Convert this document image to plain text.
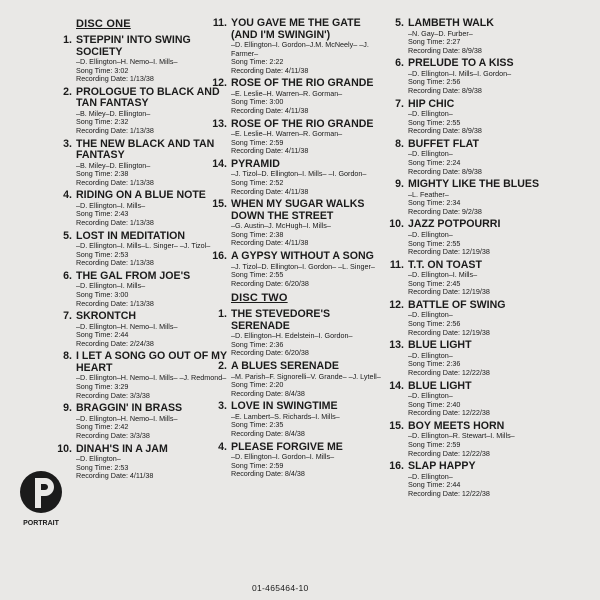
DISC ONE
1. STEPPIN' INTO SWING SOCIETY
–D. Ellington–H. Nemo–I. Mills–
Song Time: 3:02
Recording Date: 1/13/38
2. PROLOGUE TO BLACK AND TAN FANTASY
–B. Miley–D. Ellington–
Song Time: 2:32
Recording Date: 1/13/38
3. THE NEW BLACK AND TAN FANTASY
–B. Miley–D. Ellington–
Song Time: 2:38
Recording Date: 1/13/38
4. RIDING ON A BLUE NOTE
–D. Ellington–I. Mills–
Song Time: 2:43
Recording Date: 1/13/38
5. LOST IN MEDITATION
–D. Ellington–I. Mills–L. Singer– –J. Tizol–
Song Time: 2:53
Recording Date: 1/13/38
6. THE GAL FROM JOE'S
–D. Ellington–I. Mills–
Song Time: 3:00
Recording Date: 1/13/38
7. SKRONTCH
–D. Ellington–H. Nemo–I. Mills–
Song Time: 2:44
Recording Date: 2/24/38
8. I LET A SONG GO OUT OF MY HEART
–D. Ellington–H. Nemo–I. Mills– –J. Redmond–
Song Time: 3:29
Recording Date: 3/3/38
9. BRAGGIN' IN BRASS
–D. Ellington–H. Nemo–I. Mills–
Song Time: 2:42
Recording Date: 3/3/38
10. DINAH'S IN A JAM
–D. Ellington–
Song Time: 2:53
Recording Date: 4/11/38
11. YOU GAVE ME THE GATE (AND I'M SWINGIN')
–D. Ellington–I. Gordon–J.M. McNeely– –J. Farmer–
Song Time: 2:22
Recording Date: 4/11/38
12. ROSE OF THE RIO GRANDE
–E. Leslie–H. Warren–R. Gorman–
Song Time: 3:00
Recording Date: 4/11/38
13. ROSE OF THE RIO GRANDE
–E. Leslie–H. Warren–R. Gorman–
Song Time: 2:59
Recording Date: 4/11/38
14. PYRAMID
–J. Tizol–D. Ellington–I. Mills– –I. Gordon–
Song Time: 2:52
Recording Date: 4/11/38
15. WHEN MY SUGAR WALKS DOWN THE STREET
–G. Austin–J. McHugh–I. Mills–
Song Time: 2:38
Recording Date: 4/11/38
16. A GYPSY WITHOUT A SONG
–J. Tizol–D. Ellington–I. Gordon– –L. Singer–
Song Time: 2:55
Recording Date: 6/20/38
DISC TWO
1. THE STEVEDORE'S SERENADE
–D. Ellington–H. Edelstein–I. Gordon–
Song Time: 2:36
Recording Date: 6/20/38
2. A BLUES SERENADE
–M. Parish–F. Signorelli–V. Grande– –J. Lytell–
Song Time: 2:20
Recording Date: 8/4/38
3. LOVE IN SWINGTIME
–E. Lambert–S. Richards–I. Mills–
Song Time: 2:35
Recording Date: 8/4/38
4. PLEASE FORGIVE ME
–D. Ellington–I. Gordon–I. Mills–
Song Time: 2:59
Recording Date: 8/4/38
5. LAMBETH WALK
–N. Gay–D. Furber–
Song Time: 2:27
Recording Date: 8/9/38
6. PRELUDE TO A KISS
–D. Ellington–I. Mills–I. Gordon–
Song Time: 2:56
Recording Date: 8/9/38
7. HIP CHIC
–D. Ellington–
Song Time: 2:55
Recording Date: 8/9/38
8. BUFFET FLAT
–D. Ellington–
Song Time: 2:24
Recording Date: 8/9/38
9. MIGHTY LIKE THE BLUES
–L. Feather–
Song Time: 2:34
Recording Date: 9/2/38
10. JAZZ POTPOURRI
–D. Ellington–
Song Time: 2:55
Recording Date: 12/19/38
11. T.T. ON TOAST
–D. Ellington–I. Mills–
Song Time: 2:45
Recording Date: 12/19/38
12. BATTLE OF SWING
–D. Ellington–
Song Time: 2:56
Recording Date: 12/19/38
13. BLUE LIGHT
–D. Ellington–
Song Time: 2:36
Recording Date: 12/22/38
14. BLUE LIGHT
–D. Ellington–
Song Time: 2:40
Recording Date: 12/22/38
15. BOY MEETS HORN
–D. Ellington–R. Stewart–I. Mills–
Song Time: 2:59
Recording Date: 12/22/38
16. SLAP HAPPY
–D. Ellington–
Song Time: 2:44
Recording Date: 12/22/38
PORTRAIT
01-465464-10
